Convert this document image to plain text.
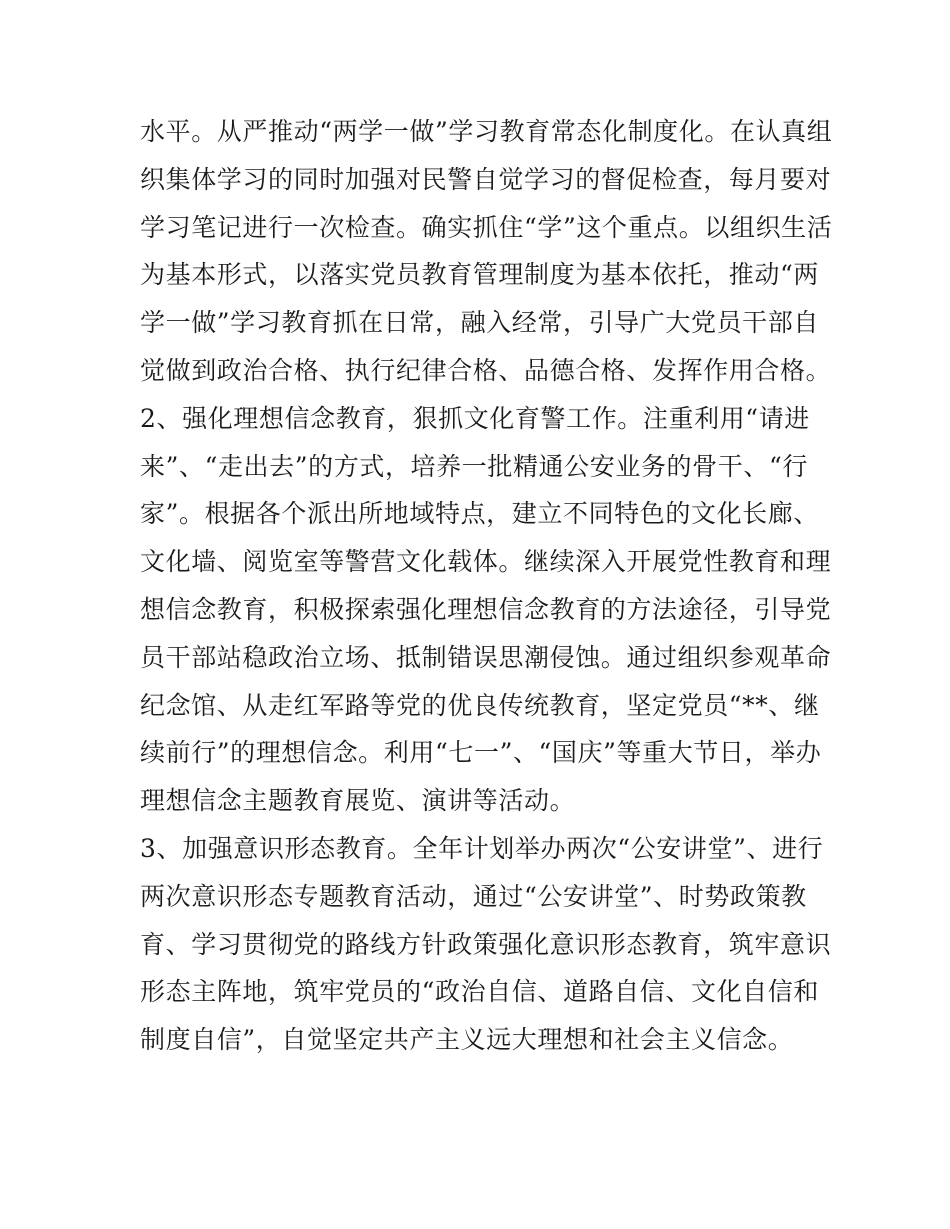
水平。从严推动“两学一做”学习教育常态化制度化。在认真组
织集体学习的同时加强对民警自觉学习的督促检查，每月要对
学习笔记进行一次检查。确实抓住“学”这个重点。以组织生活
为基本形式，以落实党员教育管理制度为基本依托，推动“两
学一做”学习教育抓在日常，融入经常，引导广大党员干部自
觉做到政治合格、执行纪律合格、品德合格、发挥作用合格。
2、强化理想信念教育，狠抓文化育警工作。注重利用“请进
来”、“走出去”的方式，培养一批精通公安业务的骨干、“行
家”。根据各个派出所地域特点，建立不同特色的文化长廊、
文化墙、阅览室等警营文化载体。继续深入开展党性教育和理
想信念教育，积极探索强化理想信念教育的方法途径，引导党
员干部站稳政治立场、抵制错误思潮侵蚀。通过组织参观革命
纪念馆、从走红军路等党的优良传统教育，坚定党员“**、继
续前行”的理想信念。利用“七一”、“国庆”等重大节日，举办
理想信念主题教育展览、演讲等活动。
3、加强意识形态教育。全年计划举办两次“公安讲堂”、进行
两次意识形态专题教育活动，通过“公安讲堂”、时势政策教
育、学习贯彻党的路线方针政策强化意识形态教育，筑牢意识
形态主阵地，筑牢党员的“政治自信、道路自信、文化自信和
制度自信”，自觉坚定共产主义远大理想和社会主义信念。
